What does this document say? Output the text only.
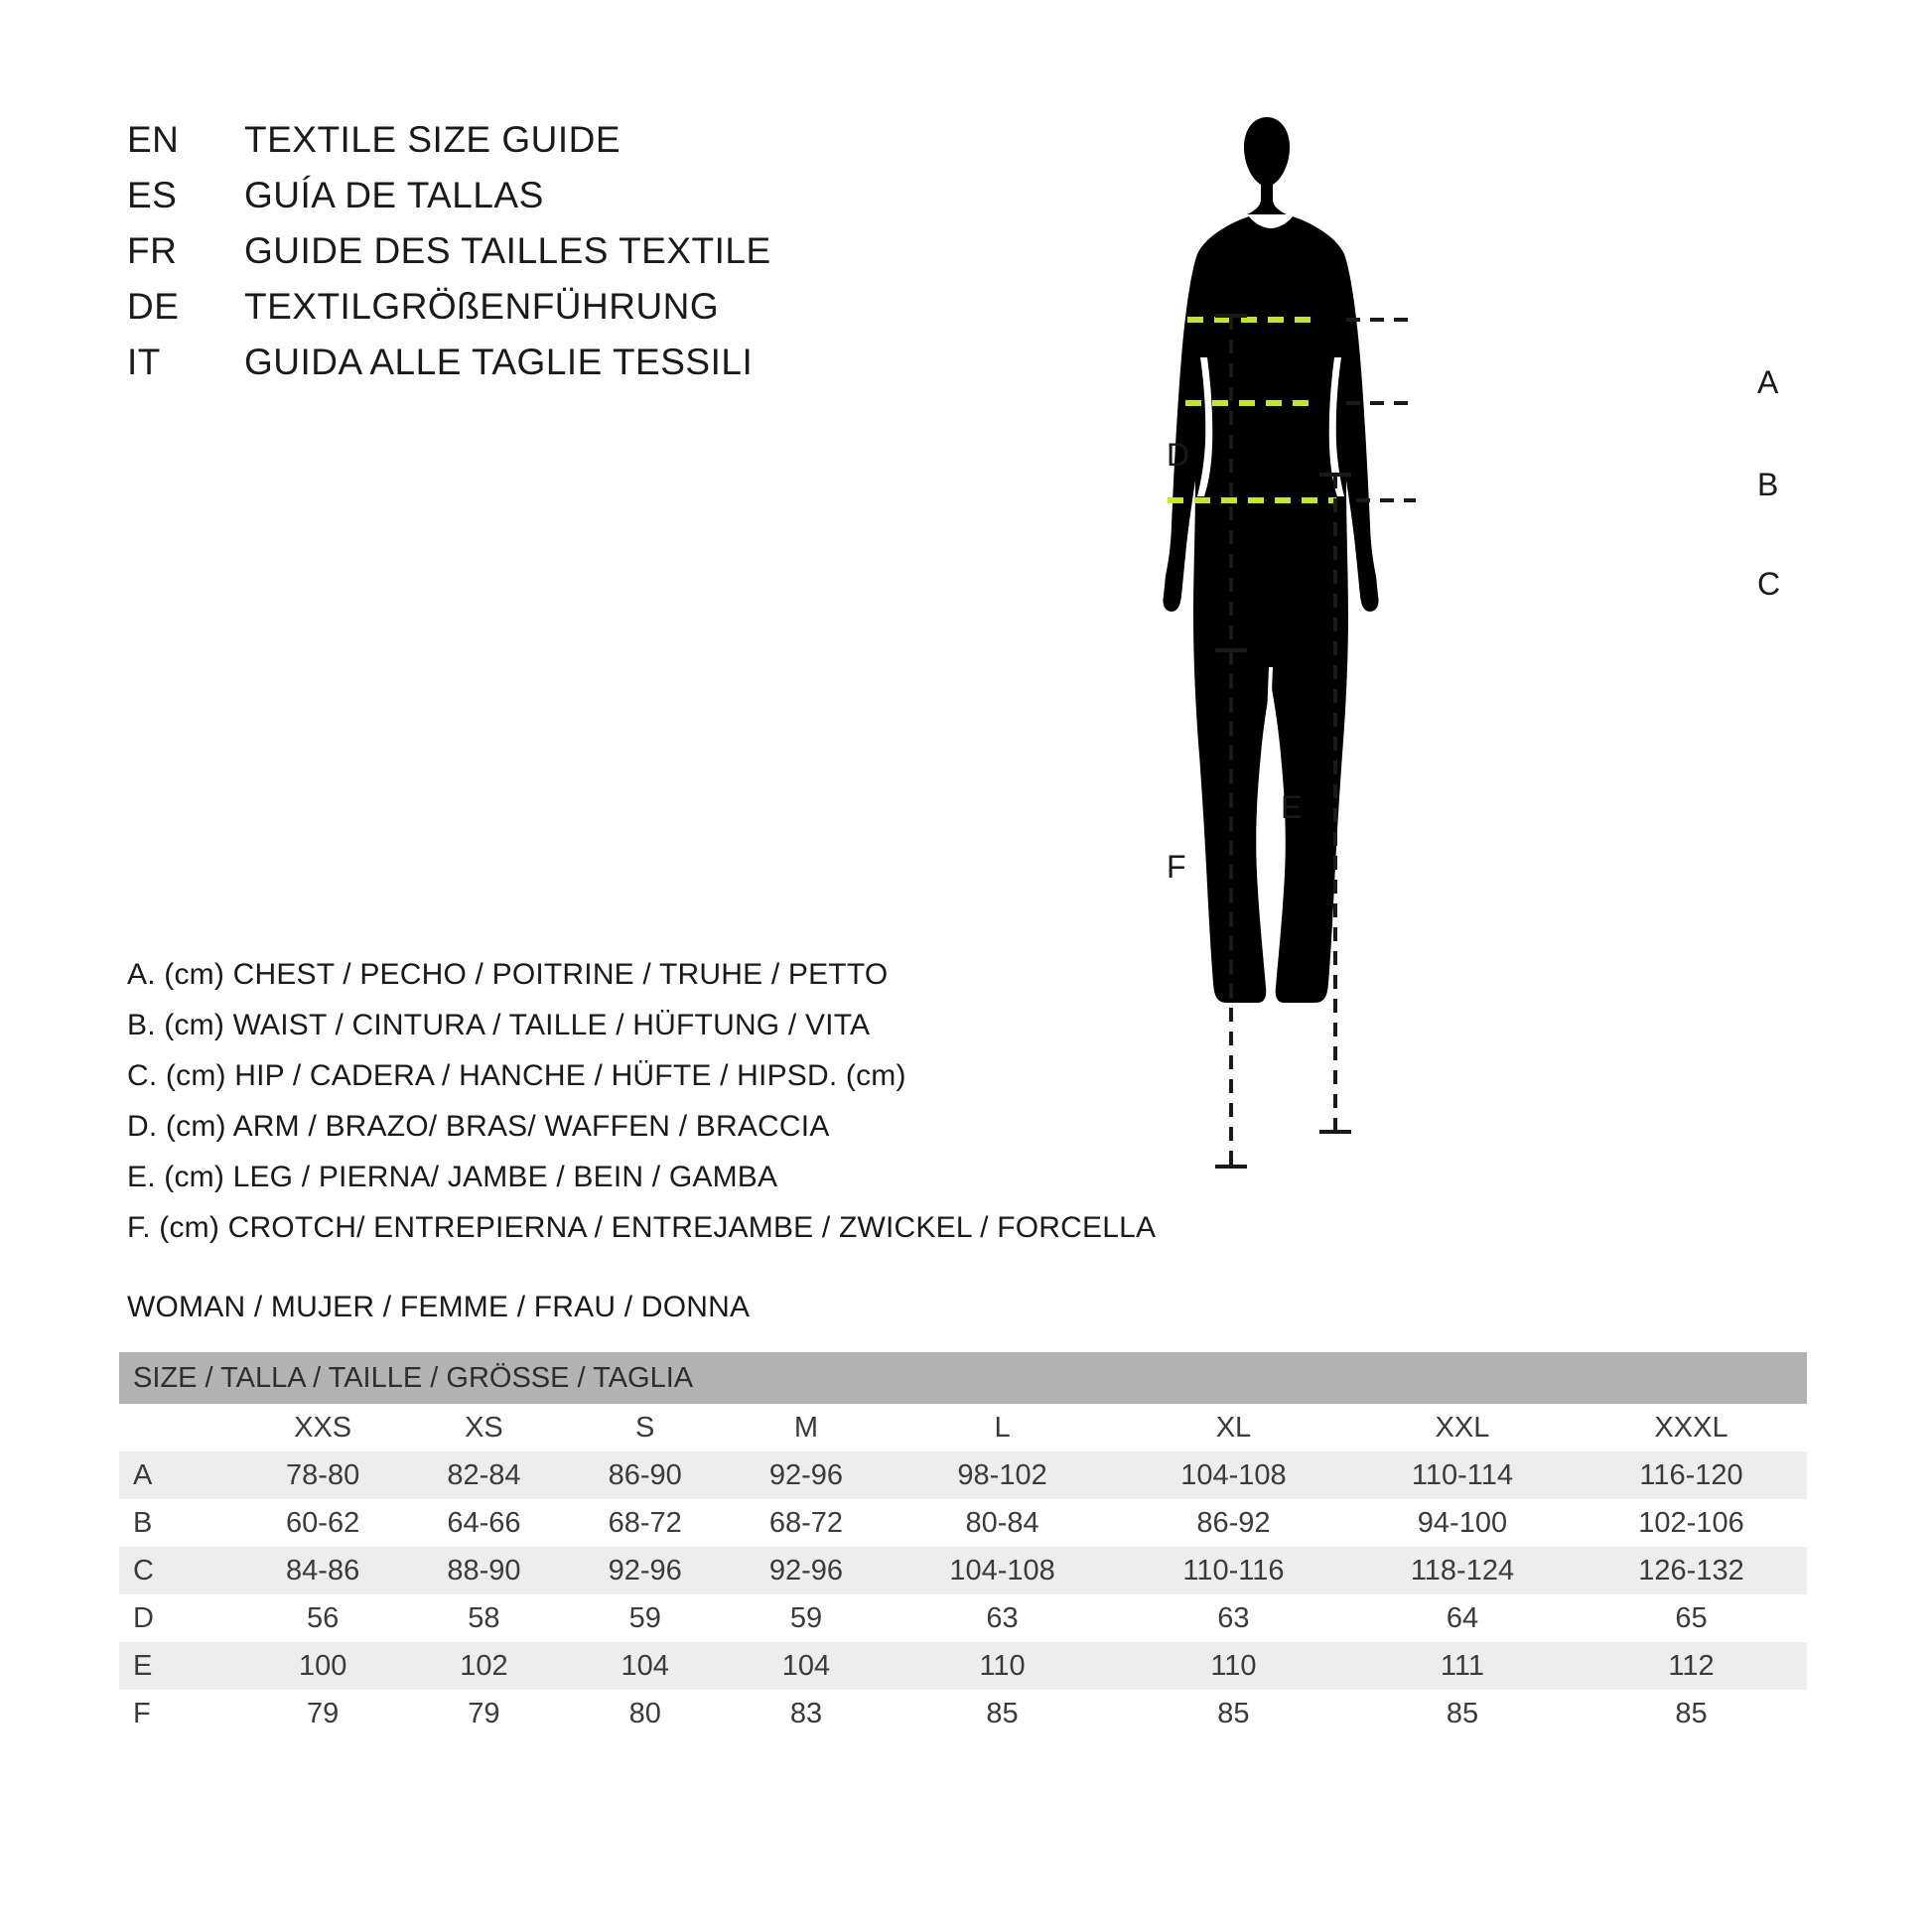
EN	TEXTILE SIZE GUIDE
ES	GUÍA DE TALLAS
FR	GUIDE DES TAILLES TEXTILE
DE	TEXTILGRÖßENFÜHRUNG
IT	GUIDA ALLE TAGLIE TESSILI
A. (cm) CHEST / PECHO / POITRINE / TRUHE / PETTO
B. (cm) WAIST / CINTURA / TAILLE / HÜFTUNG / VITA
C. (cm) HIP / CADERA / HANCHE / HÜFTE / HIPSD. (cm)
D. (cm) ARM / BRAZO/ BRAS/ WAFFEN / BRACCIA
E. (cm) LEG / PIERNA/ JAMBE / BEIN / GAMBA
F. (cm) CROTCH/ ENTREPIERNA / ENTREJAMBE / ZWICKEL / FORCELLA
WOMAN / MUJER / FEMME / FRAU / DONNA
D
F
E
A
B
C
SIZE / TALLA / TAILLE / GRÖSSE / TAGLIA								
	XXS	XS	S	M	L	XL	XXL	XXXL
A	78-80	82-84	86-90	92-96	98-102	104-108	110-114	116-120
B	60-62	64-66	68-72	68-72	80-84	86-92	94-100	102-106
C	84-86	88-90	92-96	92-96	104-108	110-116	118-124	126-132
D	56	58	59	59	63	63	64	65
E	100	102	104	104	110	110	111	112
F	79	79	80	83	85	85	85	85
